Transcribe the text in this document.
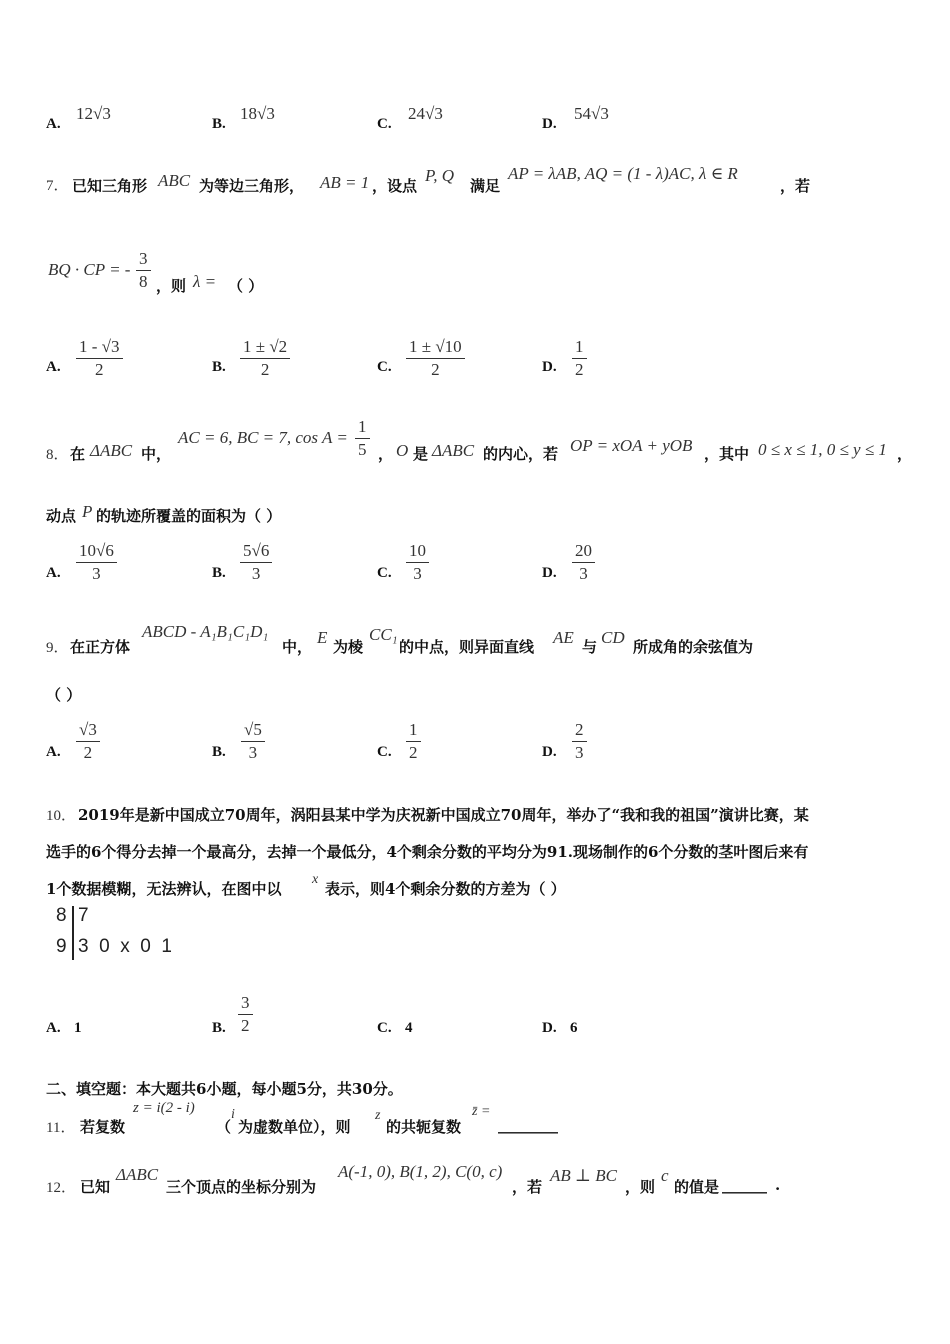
A.
12√3
B.
18√3
C.
24√3
D.
54√3
7． 已知三角形 ABC 为等边三角形， AB = 1 ，设点
P, Q
满足
AP = λAB, AQ = (1 - λ)AC, λ ∈ R
，若
BQ · CP = - $\frac{3}{8}$ ，则 λ = （ ）
A. $\frac{1 - √3}{2}$	B. $\frac{1 \pm √2}{2}$	C. $\frac{1 \pm √10}{2}$	D. $\frac{1}{2}$
8． 在 ΔABC 中，
AC = 6, BC = 7, $\cos A = \frac{1}{5}$ ， O 是 ΔABC 的内心，若 OP = xOA + yOB ，其中 0 ≤ x ≤ 1, 0 ≤ y ≤ 1 ，
动点 P 的轨迹所覆盖的面积为（ ）
A. $\frac{10√6}{3}$	B. $\frac{5√6}{3}$	C. $\frac{10}{3}$	D. $\frac{20}{3}$
9． 在正方体
ABCD - A₁B₁C₁D₁
中， E 为棱
CC₁
的中点，则异面直线 AE 与 CD 所成角的余弦值为
（ ）
A. $\frac{√3}{2}$	B. $\frac{√5}{3}$	C. $\frac{1}{2}$	D. $\frac{2}{3}$
10． 2019年是新中国成立70周年，涡阳县某中学为庆祝新中国成立70周年，举办了“我和我的祖国”演讲比赛，某
选手的6个得分去掉一个最高分，去掉一个最低分，4个剩余分数的平均分为91.现场制作的6个分数的茎叶图后来有
1个数据模糊，无法辨认，在图中以
x
表示，则4个剩余分数的方差为（ ）
8 7
9 3  0  x  0  1
A. 1	B. $\frac{3}{2}$	C. 4	D. 6
二、填空题：本大题共6小题，每小题5分，共30分。
11． 若复数
z = i(2 - i)
（
i
为虚数单位），则
z
的共轭复数
z̄ =
________
12． 已知
ΔABC
三个顶点的坐标分别为
A(-1, 0), B(1, 2), C(0, c)
，若
AB ⊥ BC
，则
c
的值是 ______ .
